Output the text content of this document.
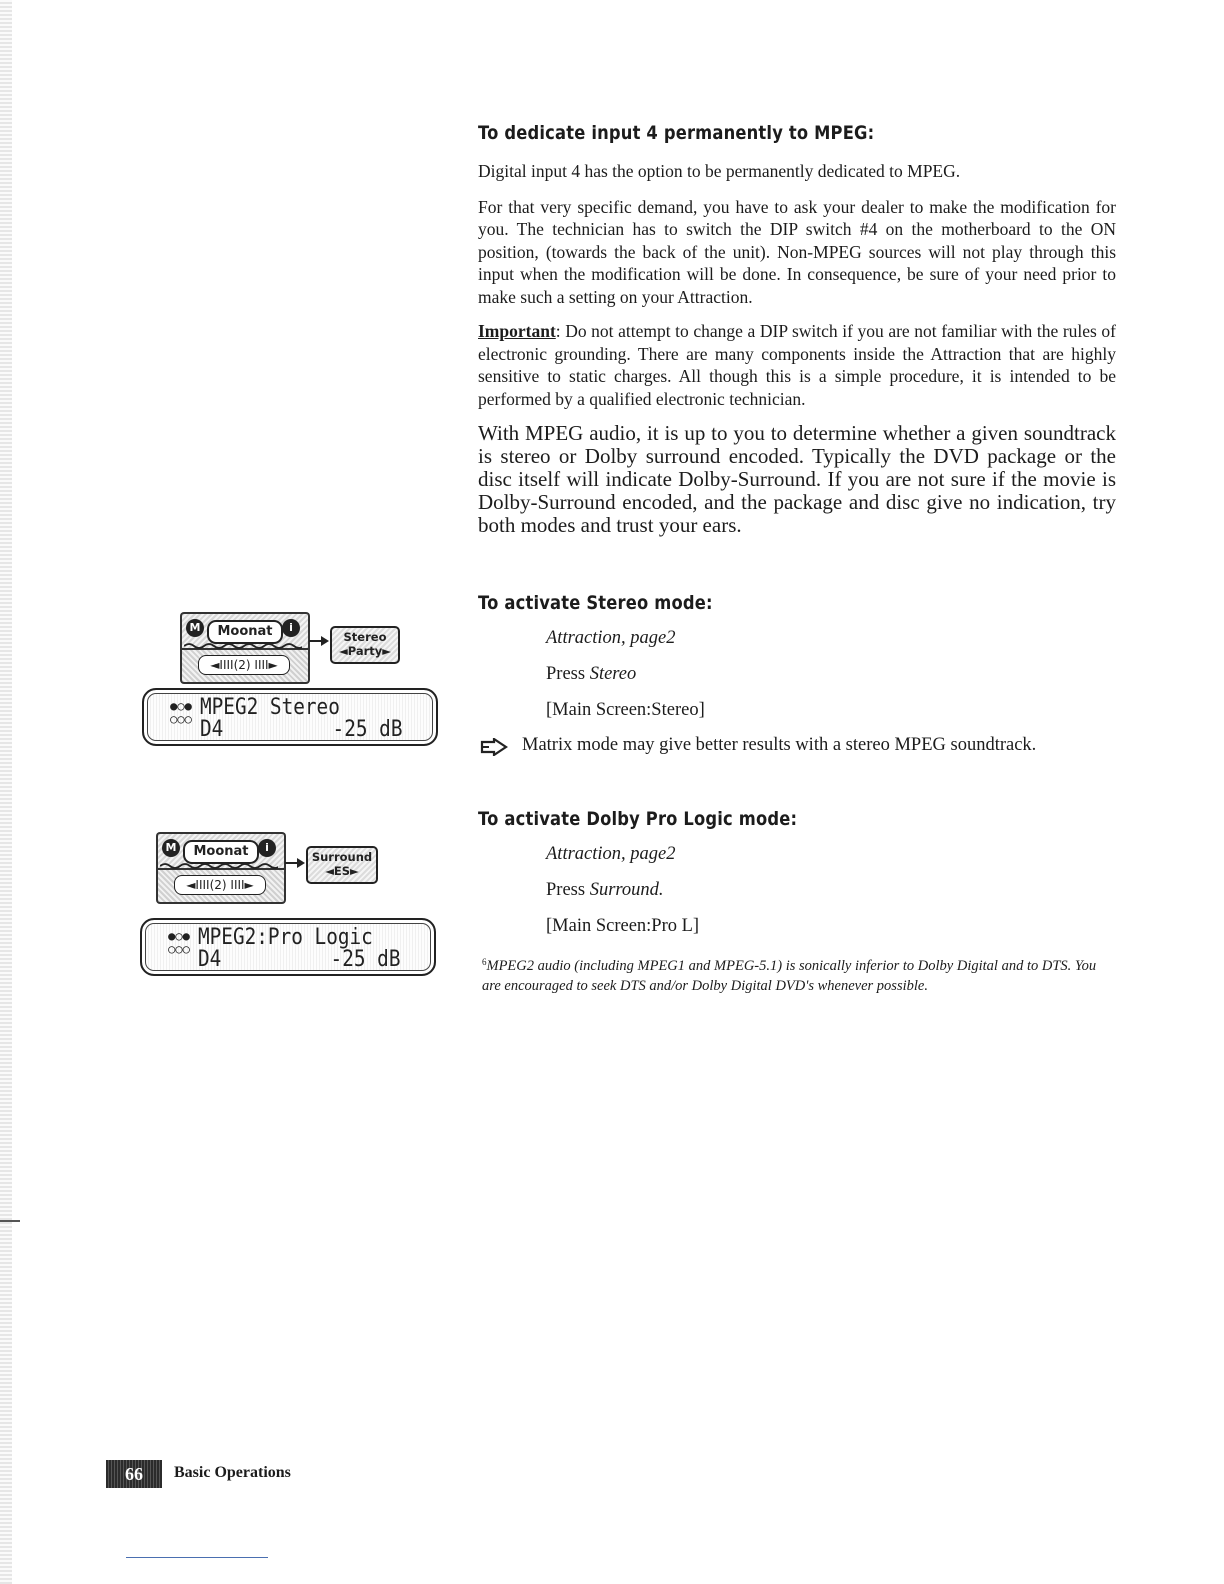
To dedicate input 4 permanently to MPEG:

Digital input 4 has the option to be permanently dedicated to MPEG.

For that very specific demand, you have to ask your dealer to make the modification for you. The technician has to switch the DIP switch #4 on the motherboard to the ON position, (towards the back of the unit). Non-MPEG sources will not play through this input when the modification will be done. In consequence, be sure of your need prior to make such a setting on your Attraction.

Important: Do not attempt to change a DIP switch if you are not familiar with the rules of electronic grounding. There are many components inside the Attraction that are highly sensitive to static charges. All though this is a simple procedure, it is intended to be performed by a qualified electronic technician.

With MPEG audio, it is up to you to determine whether a given soundtrack is stereo or Dolby surround encoded. Typically the DVD package or the disc itself will indicate Dolby-Surround. If you are not sure if the movie is Dolby-Surround encoded, and the package and disc give no indication, try both modes and trust your ears.

To activate Stereo mode:
Attraction, page2
Press Stereo
[Main Screen:Stereo]
Matrix mode may give better results with a stereo MPEG soundtrack.
To activate Dolby Pro Logic mode:
Attraction, page2
Press Surround.
[Main Screen:Pro L]

$^6$MPEG2 audio (including MPEG1 and MPEG-5.1) is sonically inferior to Dolby Digital and to DTS. You are encouraged to seek DTS and/or Dolby Digital DVD's whenever possible.

M	Moonat	i
◄IIII(2) IIII►
Stereo
◄Party►
●○●
○○○ MPEG2 Stereo
D4	-25 dB
M	Moonat	i
◄IIII(2) IIII►
Surround
◄ES►
●○●
○○○ MPEG2:Pro Logic
D4	-25 dB
66	Basic Operations
